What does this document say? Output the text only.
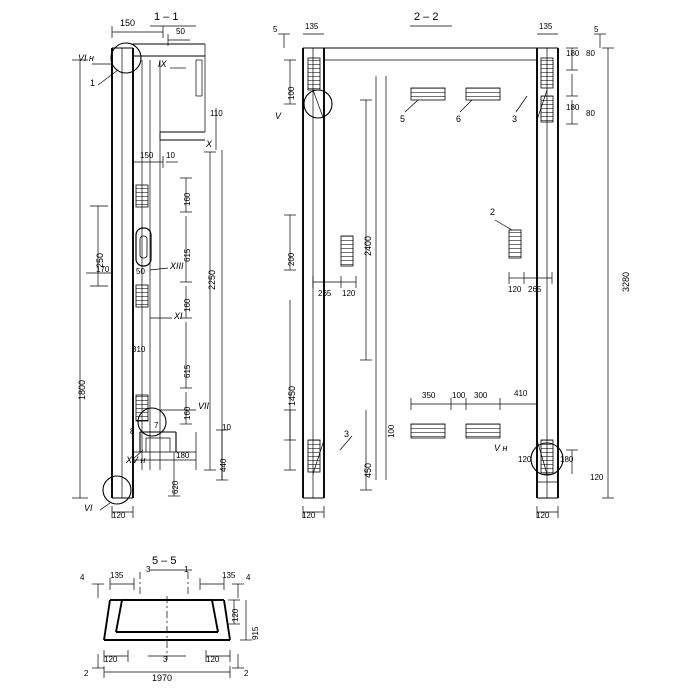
1 – 1
150
50
VI н
1
IX
X
110
150 10
160
615
160
615
160
440
620
180
10
2250
250
170
1800
50
310
XIII
XI
VII
XV н
VI
8
7
120
2 – 2
135
5	135	5
V	5	6	3
2
3
V н
100
200
2400
1450
100
450
265 120	120 265
350 100 300	410
120	180
120
180 80
180
80
3280
120	120
5 – 5
135	135
4
3	1
4
120
915
120	120
3
1970
2	2
